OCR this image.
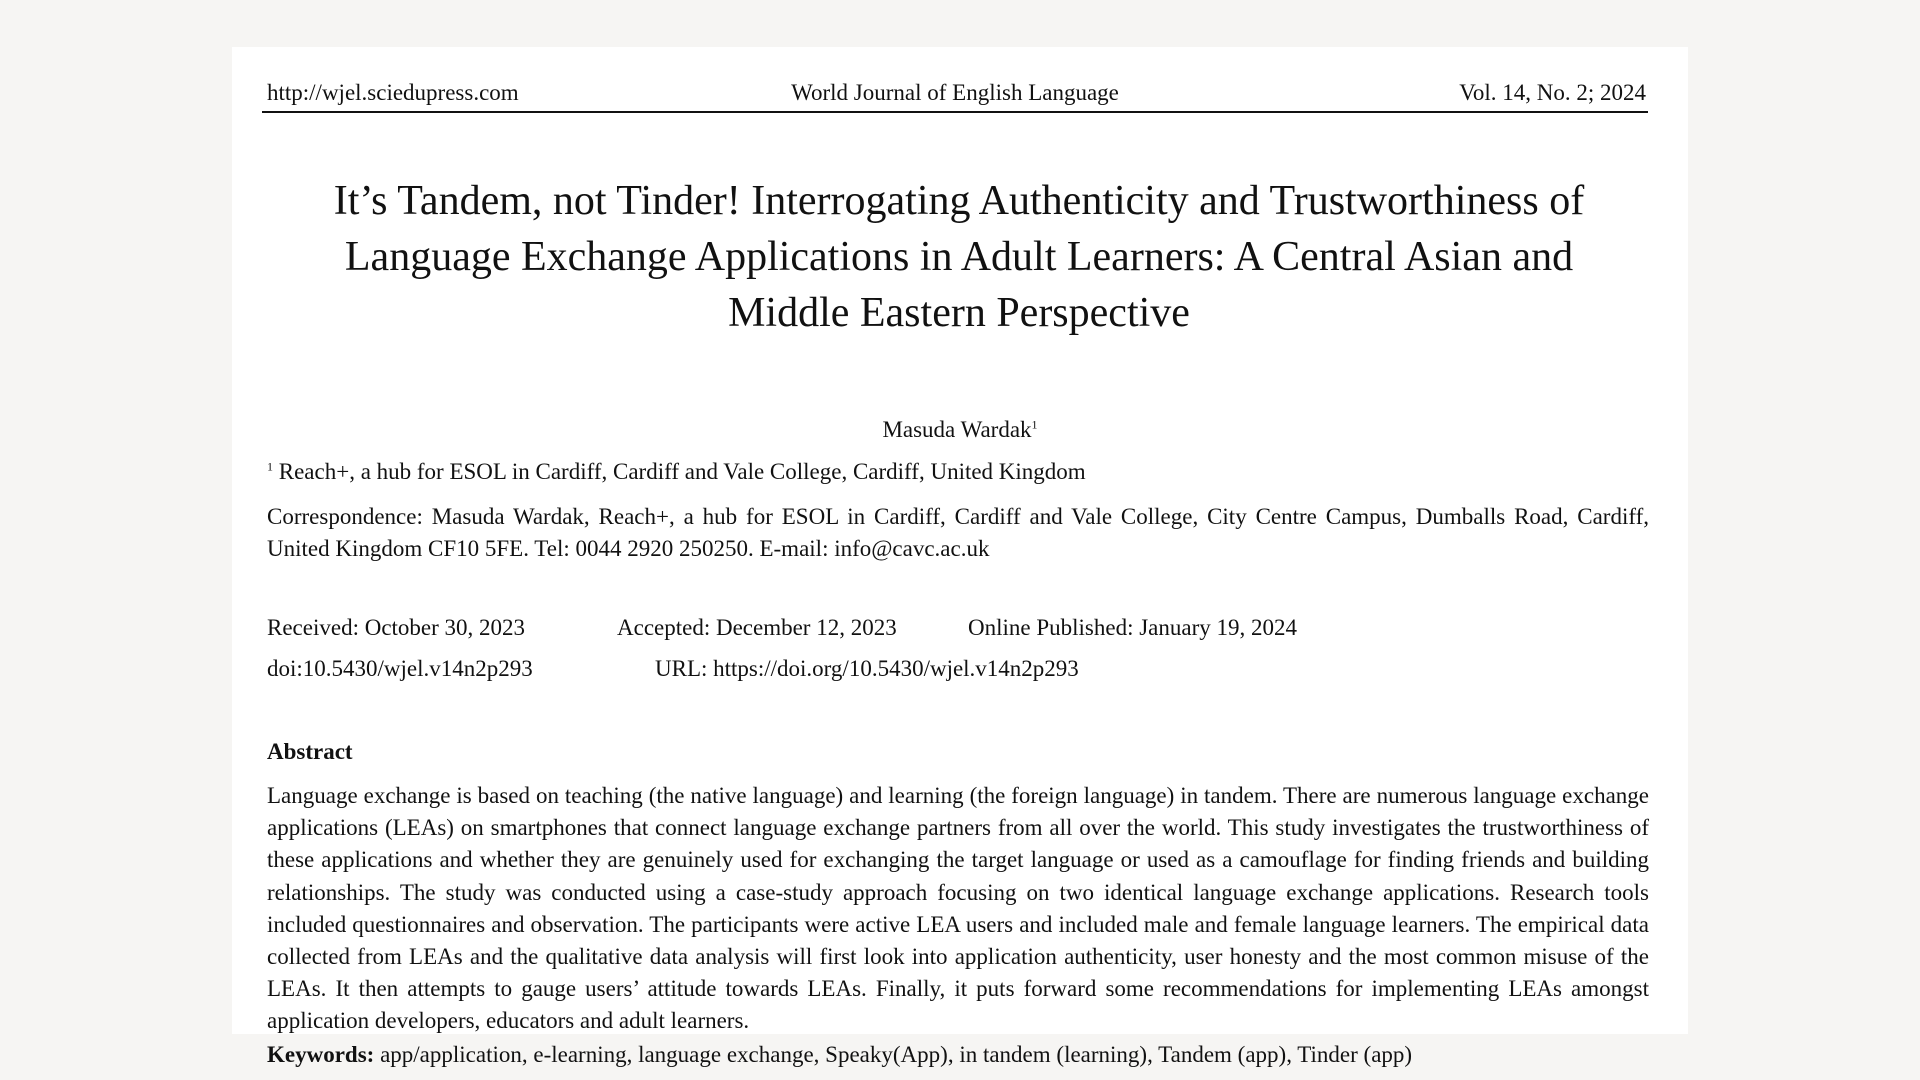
http://wjel.sciedupress.com	World Journal of English Language	Vol. 14, No. 2; 2024
It’s Tandem, not Tinder! Interrogating Authenticity and Trustworthiness of Language Exchange Applications in Adult Learners: A Central Asian and Middle Eastern Perspective
Masuda Wardak$^1$
$^1$ Reach+, a hub for ESOL in Cardiff, Cardiff and Vale College, Cardiff, United Kingdom
Correspondence: Masuda Wardak, Reach+, a hub for ESOL in Cardiff, Cardiff and Vale College, City Centre Campus, Dumballs Road, Cardiff, United Kingdom CF10 5FE. Tel: 0044 2920 250250. E-mail: info@cavc.ac.uk
Received: October 30, 2023	Accepted: December 12, 2023	Online Published: January 19, 2024
doi:10.5430/wjel.v14n2p293	URL: https://doi.org/10.5430/wjel.v14n2p293
Abstract

Language exchange is based on teaching (the native language) and learning (the foreign language) in tandem. There are numerous language exchange applications (LEAs) on smartphones that connect language exchange partners from all over the world. This study investigates the trustworthiness of these applications and whether they are genuinely used for exchanging the target language or used as a camouflage for finding friends and building relationships. The study was conducted using a case-study approach focusing on two identical language exchange applications. Research tools included questionnaires and observation. The participants were active LEA users and included male and female language learners. The empirical data collected from LEAs and the qualitative data analysis will first look into application authenticity, user honesty and the most common misuse of the LEAs. It then attempts to gauge users’ attitude towards LEAs. Finally, it puts forward some recommendations for implementing LEAs amongst application developers, educators and adult learners.

Keywords: app/application, e-learning, language exchange, Speaky(App), in tandem (learning), Tandem (app), Tinder (app)
